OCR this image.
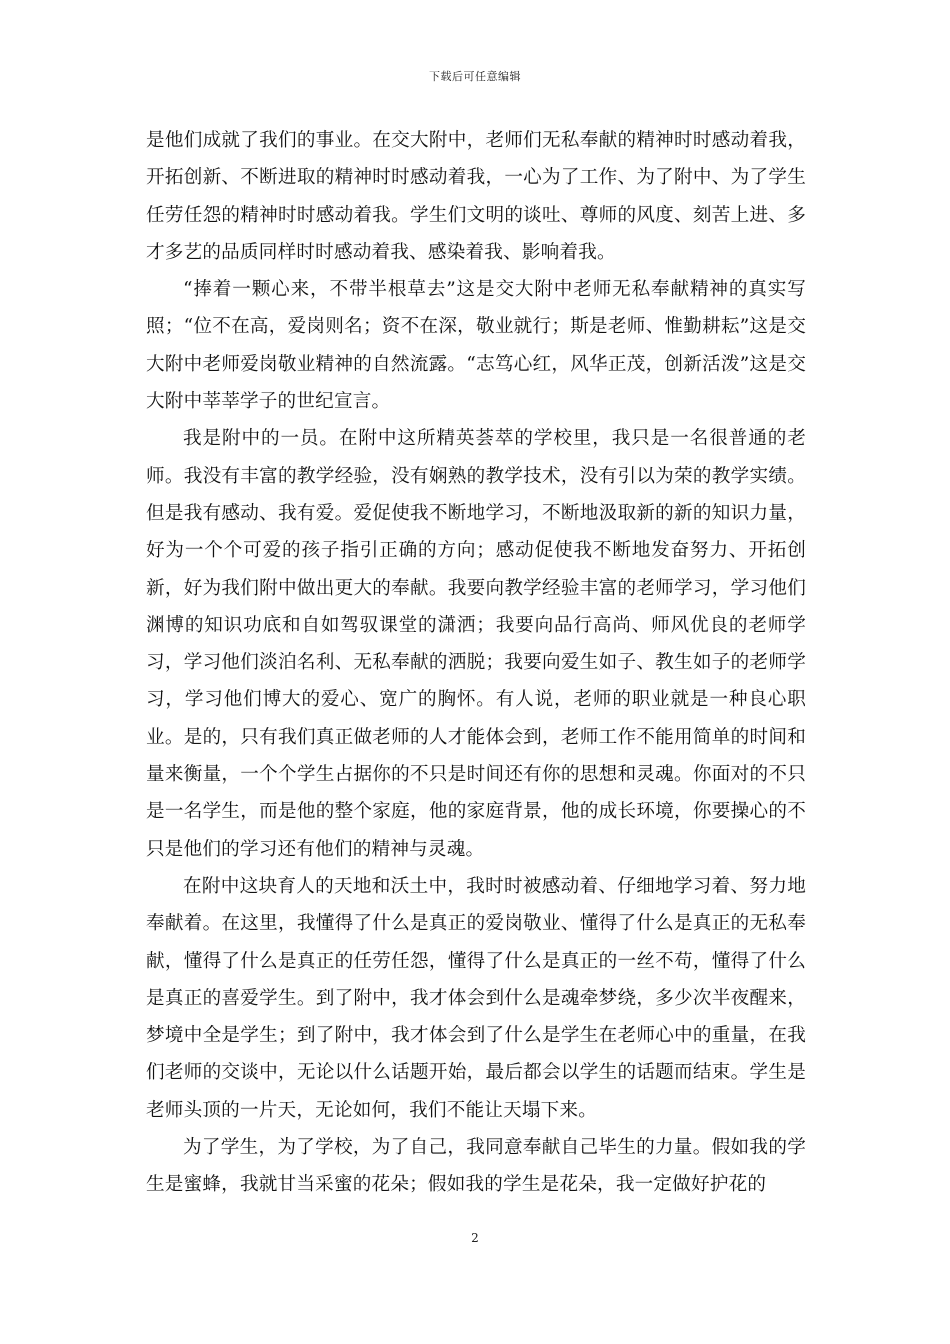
下载后可任意编辑

是他们成就了我们的事业。在交大附中，老师们无私奉献的精神时时感动着我，开拓创新、不断进取的精神时时感动着我，一心为了工作、为了附中、为了学生任劳任怨的精神时时感动着我。学生们文明的谈吐、尊师的风度、刻苦上进、多才多艺的品质同样时时感动着我、感染着我、影响着我。

“捧着一颗心来，不带半根草去”这是交大附中老师无私奉献精神的真实写照；“位不在高，爱岗则名；资不在深，敬业就行；斯是老师、惟勤耕耘”这是交大附中老师爱岗敬业精神的自然流露。“志笃心红，风华正茂，创新活泼”这是交大附中莘莘学子的世纪宣言。

我是附中的一员。在附中这所精英荟萃的学校里，我只是一名很普通的老师。我没有丰富的教学经验，没有娴熟的教学技术，没有引以为荣的教学实绩。但是我有感动、我有爱。爱促使我不断地学习，不断地汲取新的新的知识力量，好为一个个可爱的孩子指引正确的方向；感动促使我不断地发奋努力、开拓创新，好为我们附中做出更大的奉献。我要向教学经验丰富的老师学习，学习他们渊博的知识功底和自如驾驭课堂的潇洒；我要向品行高尚、师风优良的老师学习，学习他们淡泊名利、无私奉献的洒脱；我要向爱生如子、教生如子的老师学习，学习他们博大的爱心、宽广的胸怀。有人说，老师的职业就是一种良心职业。是的，只有我们真正做老师的人才能体会到，老师工作不能用简单的时间和量来衡量，一个个学生占据你的不只是时间还有你的思想和灵魂。你面对的不只是一名学生，而是他的整个家庭，他的家庭背景，他的成长环境，你要操心的不只是他们的学习还有他们的精神与灵魂。

在附中这块育人的天地和沃土中，我时时被感动着、仔细地学习着、努力地奉献着。在这里，我懂得了什么是真正的爱岗敬业、懂得了什么是真正的无私奉献，懂得了什么是真正的任劳任怨，懂得了什么是真正的一丝不苟，懂得了什么是真正的喜爱学生。到了附中，我才体会到什么是魂牵梦绕，多少次半夜醒来，梦境中全是学生；到了附中，我才体会到了什么是学生在老师心中的重量，在我们老师的交谈中，无论以什么话题开始，最后都会以学生的话题而结束。学生是老师头顶的一片天，无论如何，我们不能让天塌下来。

为了学生，为了学校，为了自己，我同意奉献自己毕生的力量。假如我的学生是蜜蜂，我就甘当采蜜的花朵；假如我的学生是花朵，我一定做好护花的

2
